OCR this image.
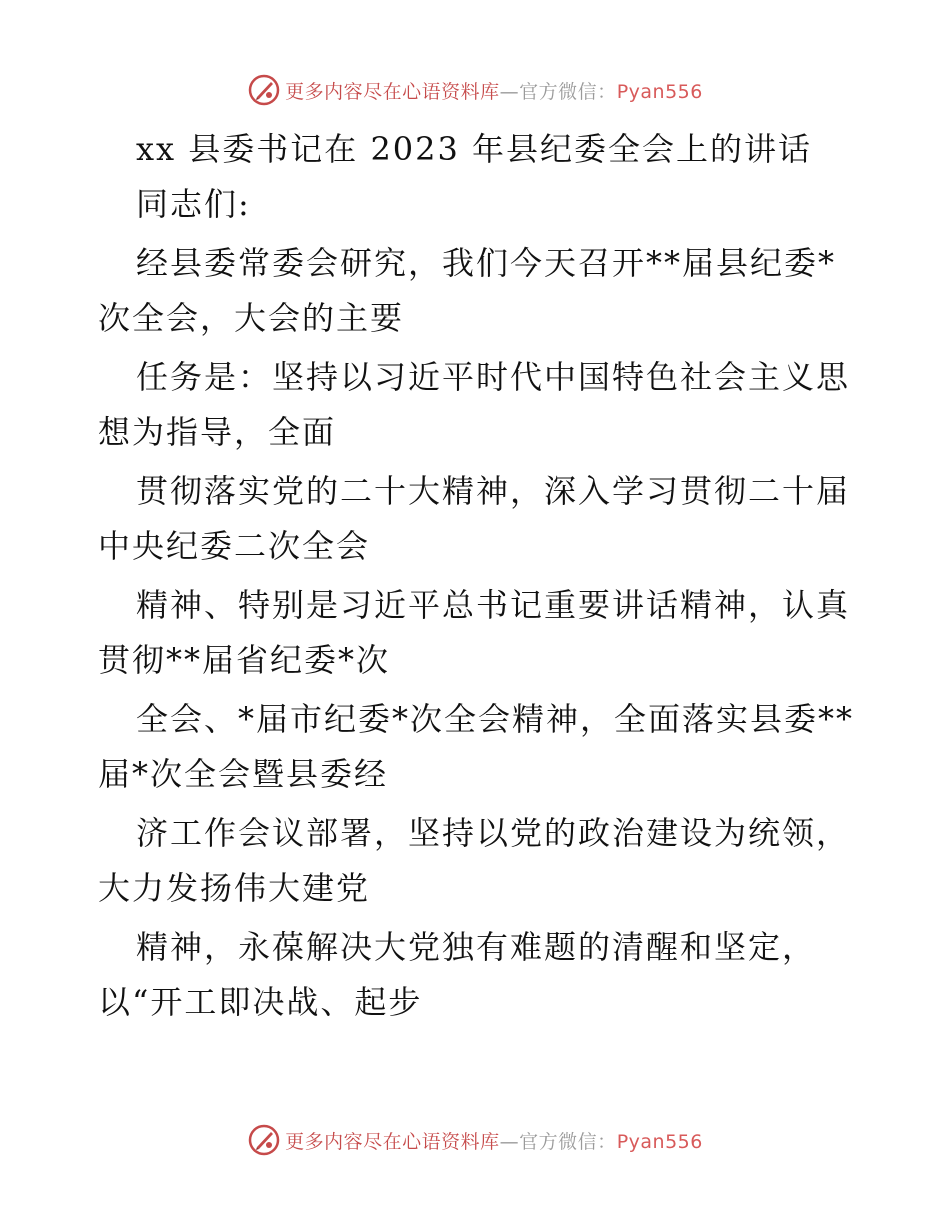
更多内容尽在心语资料库—官方微信：Pyan556
xx 县委书记在 2023 年县纪委全会上的讲话
同志们:
经县委常委会研究，我们今天召开**届县纪委*
次全会，大会的主要
任务是：坚持以习近平时代中国特色社会主义思
想为指导，全面
贯彻落实党的二十大精神，深入学习贯彻二十届
中央纪委二次全会
精神、特别是习近平总书记重要讲话精神，认真
贯彻**届省纪委*次
全会、*届市纪委*次全会精神，全面落实县委**
届*次全会暨县委经
济工作会议部署，坚持以党的政治建设为统领，
大力发扬伟大建党
精神，永葆解决大党独有难题的清醒和坚定，
以“开工即决战、起步
更多内容尽在心语资料库—官方微信：Pyan556
